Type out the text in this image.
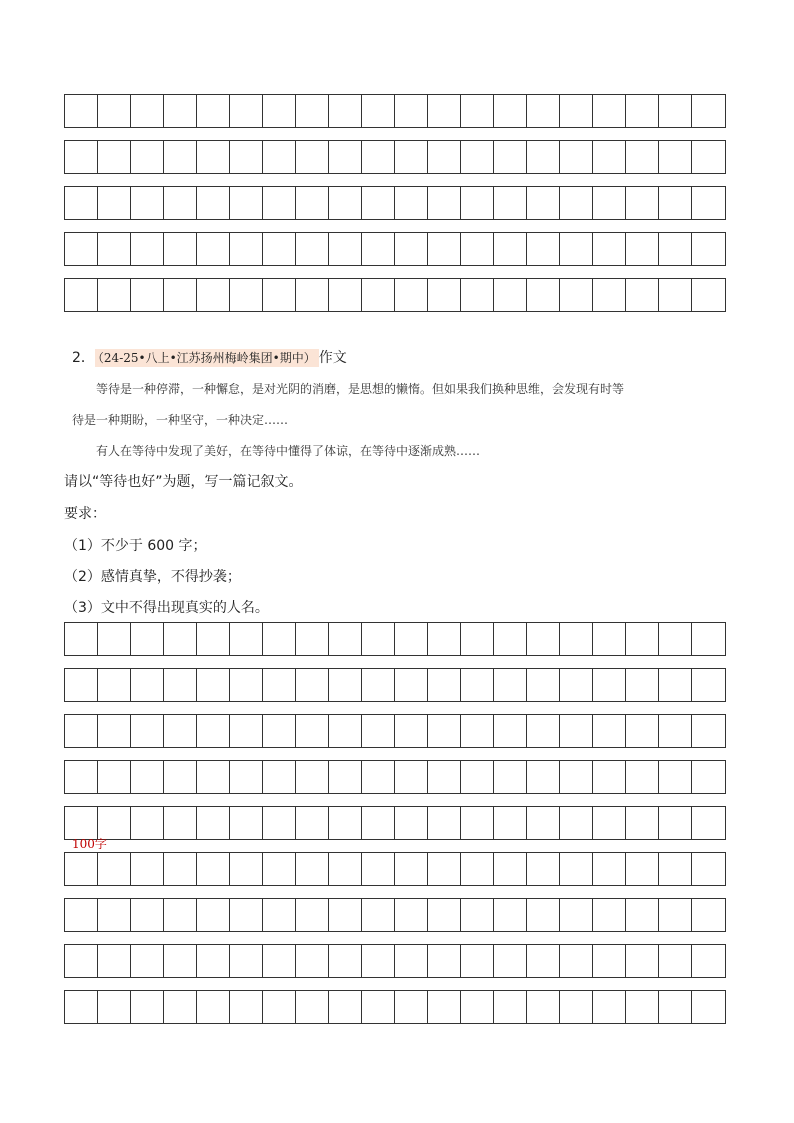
2． （24-25•八上•江苏扬州梅岭集团•期中） 作文
等待是一种停滞，一种懈怠，是对光阴的消磨，是思想的懒惰。但如果我们换种思维，会发现有时等
待是一种期盼，一种坚守，一种决定……
有人在等待中发现了美好，在等待中懂得了体谅，在等待中逐渐成熟……
请以“等待也好”为题，写一篇记叙文。
要求：
（1）不少于 600 字；
（2）感情真挚，不得抄袭；
（3）文中不得出现真实的人名。
100字
